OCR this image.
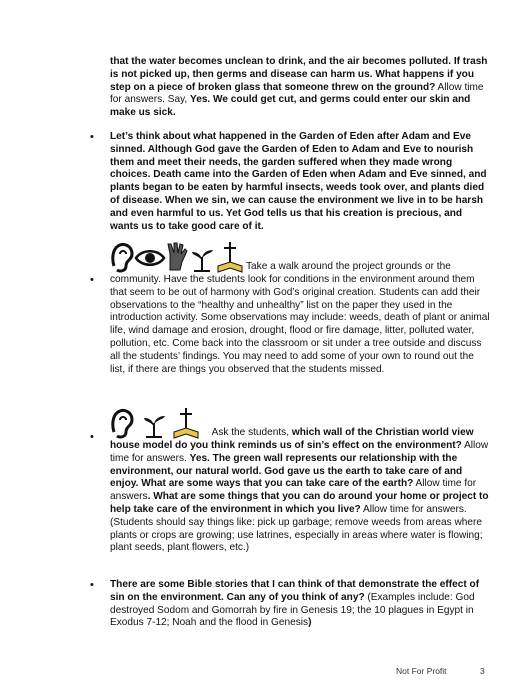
that the water becomes unclean to drink, and the air becomes polluted. If trash is not picked up, then germs and disease can harm us. What happens if you step on a piece of broken glass that someone threw on the ground? Allow time for answers. Say, Yes. We could get cut, and germs could enter our skin and make us sick.
• Let’s think about what happened in the Garden of Eden after Adam and Eve sinned. Although God gave the Garden of Eden to Adam and Eve to nourish them and meet their needs, the garden suffered when they made wrong choices. Death came into the Garden of Eden when Adam and Eve sinned, and plants began to be eaten by harmful insects, weeds took over, and plants died of disease. When we sin, we can cause the environment we live in to be harsh and even harmful to us. Yet God tells us that his creation is precious, and wants us to take good care of it.
•
Take a walk around the project grounds or the community. Have the students look for conditions in the environment around them that seem to be out of harmony with God’s original creation. Students can add their observations to the “healthy and unhealthy” list on the paper they used in the introduction activity. Some observations may include: weeds, death of plant or animal life, wind damage and erosion, drought, flood or fire damage, litter, polluted water, pollution, etc. Come back into the classroom or sit under a tree outside and discuss all the students’ findings. You may need to add some of your own to round out the list, if there are things you observed that the students missed.
•	Ask the students, which wall of the Christian world view house model do you think reminds us of sin’s effect on the environment? Allow time for answers. Yes. The green wall represents our relationship with the environment, our natural world. God gave us the earth to take care of and enjoy. What are some ways that you can take care of the earth? Allow time for answers. What are some things that you can do around your home or project to help take care of the environment in which you live? Allow time for answers. (Students should say things like: pick up garbage; remove weeds from areas where plants or crops are growing; use latrines, especially in areas where water is flowing; plant seeds, plant flowers, etc.)
• There are some Bible stories that I can think of that demonstrate the effect of sin on the environment. Can any of you think of any? (Examples include: God destroyed Sodom and Gomorrah by fire in Genesis 19; the 10 plagues in Egypt in Exodus 7-12; Noah and the flood in Genesis)
Not For Profit	3
